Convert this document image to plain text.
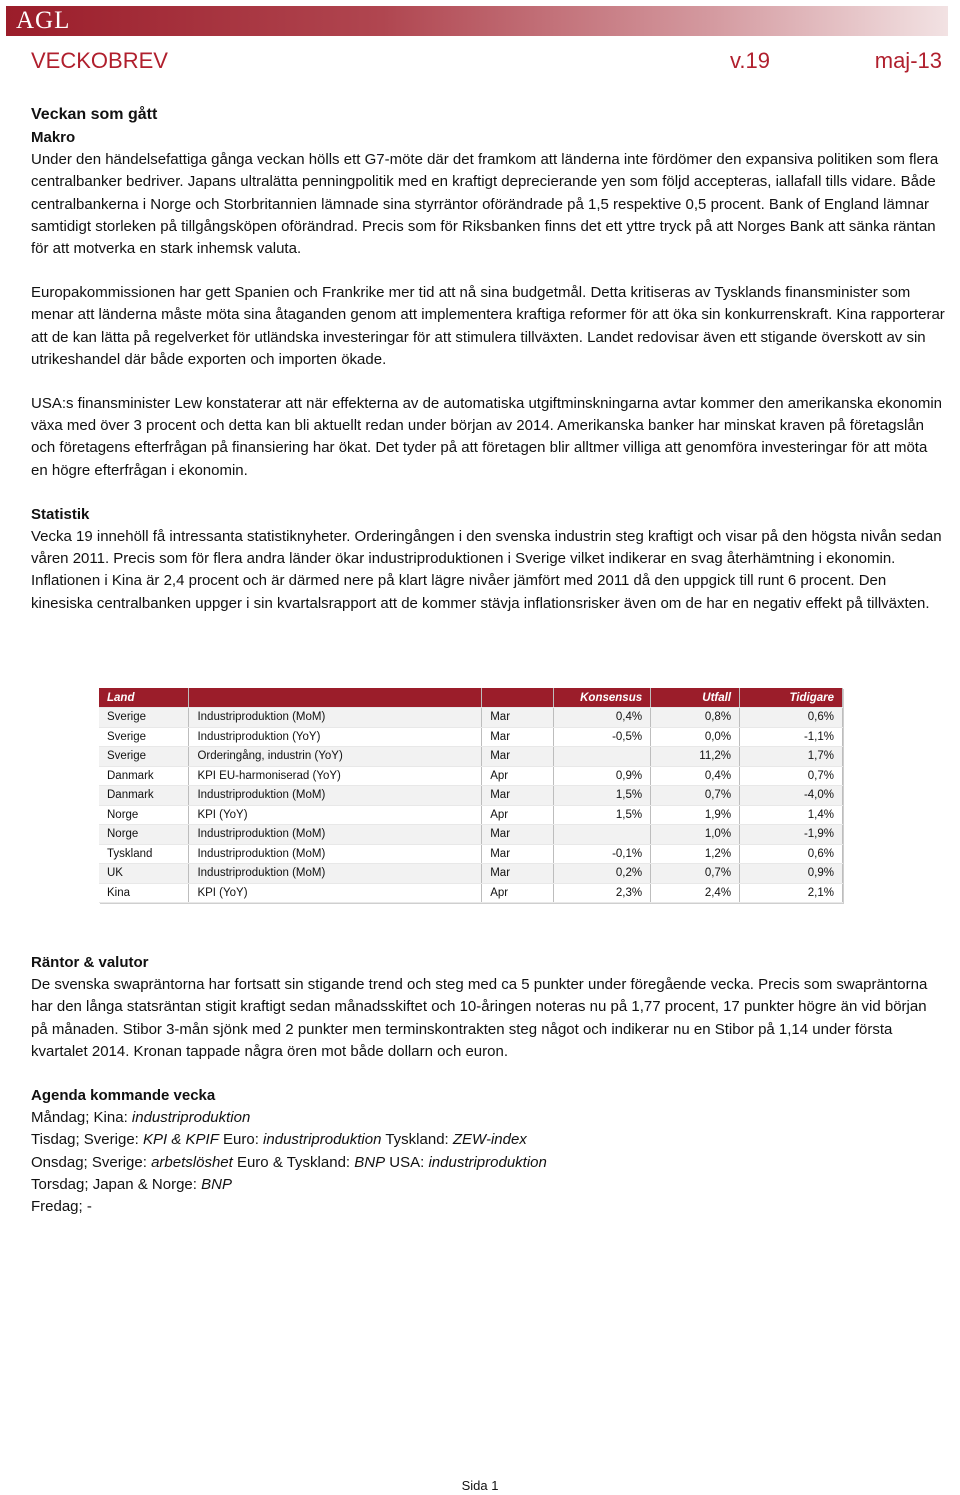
AGL
VECKOBREV	v.19	maj-13
Veckan som gått
Makro

Under den händelsefattiga gånga veckan hölls ett G7-möte där det framkom att länderna inte fördömer den expansiva politiken som flera centralbanker bedriver. Japans ultralätta penningpolitik med en kraftigt deprecierande yen som följd accepteras, iallafall tills vidare. Både centralbankerna i Norge och Storbritannien lämnade sina styrräntor oförändrade på 1,5 respektive 0,5 procent. Bank of England lämnar samtidigt storleken på tillgångsköpen oförändrad. Precis som för Riksbanken finns det ett yttre tryck på att Norges Bank att sänka räntan för att motverka en stark inhemsk valuta.

Europakommissionen har gett Spanien och Frankrike mer tid att nå sina budgetmål. Detta kritiseras av Tysklands finansminister som menar att länderna måste möta sina åtaganden genom att implementera kraftiga reformer för att öka sin konkurrenskraft. Kina rapporterar att de kan lätta på regelverket för utländska investeringar för att stimulera tillväxten. Landet redovisar även ett stigande överskott av sin utrikeshandel där både exporten och importen ökade.

USA:s finansminister Lew konstaterar att när effekterna av de automatiska utgiftminskningarna avtar kommer den amerikanska ekonomin växa med över 3 procent och detta kan bli aktuellt redan under början av 2014. Amerikanska banker har minskat kraven på företagslån och företagens efterfrågan på finansiering har ökat. Det tyder på att företagen blir alltmer villiga att genomföra investeringar för att möta en högre efterfrågan i ekonomin.

Statistik

Vecka 19 innehöll få intressanta statistiknyheter. Orderingången i den svenska industrin steg kraftigt och visar på den högsta nivån sedan våren 2011. Precis som för flera andra länder ökar industriproduktionen i Sverige vilket indikerar en svag återhämtning i ekonomin. Inflationen i Kina är 2,4 procent och är därmed nere på klart lägre nivåer jämfört med 2011 då den uppgick till runt 6 procent. Den kinesiska centralbanken uppger i sin kvartalsrapport att de kommer stävja inflationsrisker även om de har en negativ effekt på tillväxten.

Land			Konsensus	Utfall	Tidigare
Sverige	Industriproduktion (MoM)	Mar	0,4%	0,8%	0,6%
Sverige	Industriproduktion (YoY)	Mar	-0,5%	0,0%	-1,1%
Sverige	Orderingång, industrin (YoY)	Mar		11,2%	1,7%
Danmark	KPI EU-harmoniserad (YoY)	Apr	0,9%	0,4%	0,7%
Danmark	Industriproduktion (MoM)	Mar	1,5%	0,7%	-4,0%
Norge	KPI (YoY)	Apr	1,5%	1,9%	1,4%
Norge	Industriproduktion (MoM)	Mar		1,0%	-1,9%
Tyskland	Industriproduktion (MoM)	Mar	-0,1%	1,2%	0,6%
UK	Industriproduktion (MoM)	Mar	0,2%	0,7%	0,9%
Kina	KPI (YoY)	Apr	2,3%	2,4%	2,1%
Räntor & valutor

De svenska swapräntorna har fortsatt sin stigande trend och steg med ca 5 punkter under föregående vecka. Precis som swapräntorna har den långa statsräntan stigit kraftigt sedan månadsskiftet och 10-åringen noteras nu på 1,77 procent, 17 punkter högre än vid början på månaden. Stibor 3-mån sjönk med 2 punkter men terminskontrakten steg något och indikerar nu en Stibor på 1,14 under första kvartalet 2014. Kronan tappade några ören mot både dollarn och euron.

Agenda kommande vecka
Måndag; Kina: industriproduktion
Tisdag; Sverige: KPI & KPIF Euro: industriproduktion Tyskland: ZEW-index
Onsdag; Sverige: arbetslöshet Euro & Tyskland: BNP USA: industriproduktion
Torsdag; Japan & Norge: BNP
Fredag; -
Sida 1
